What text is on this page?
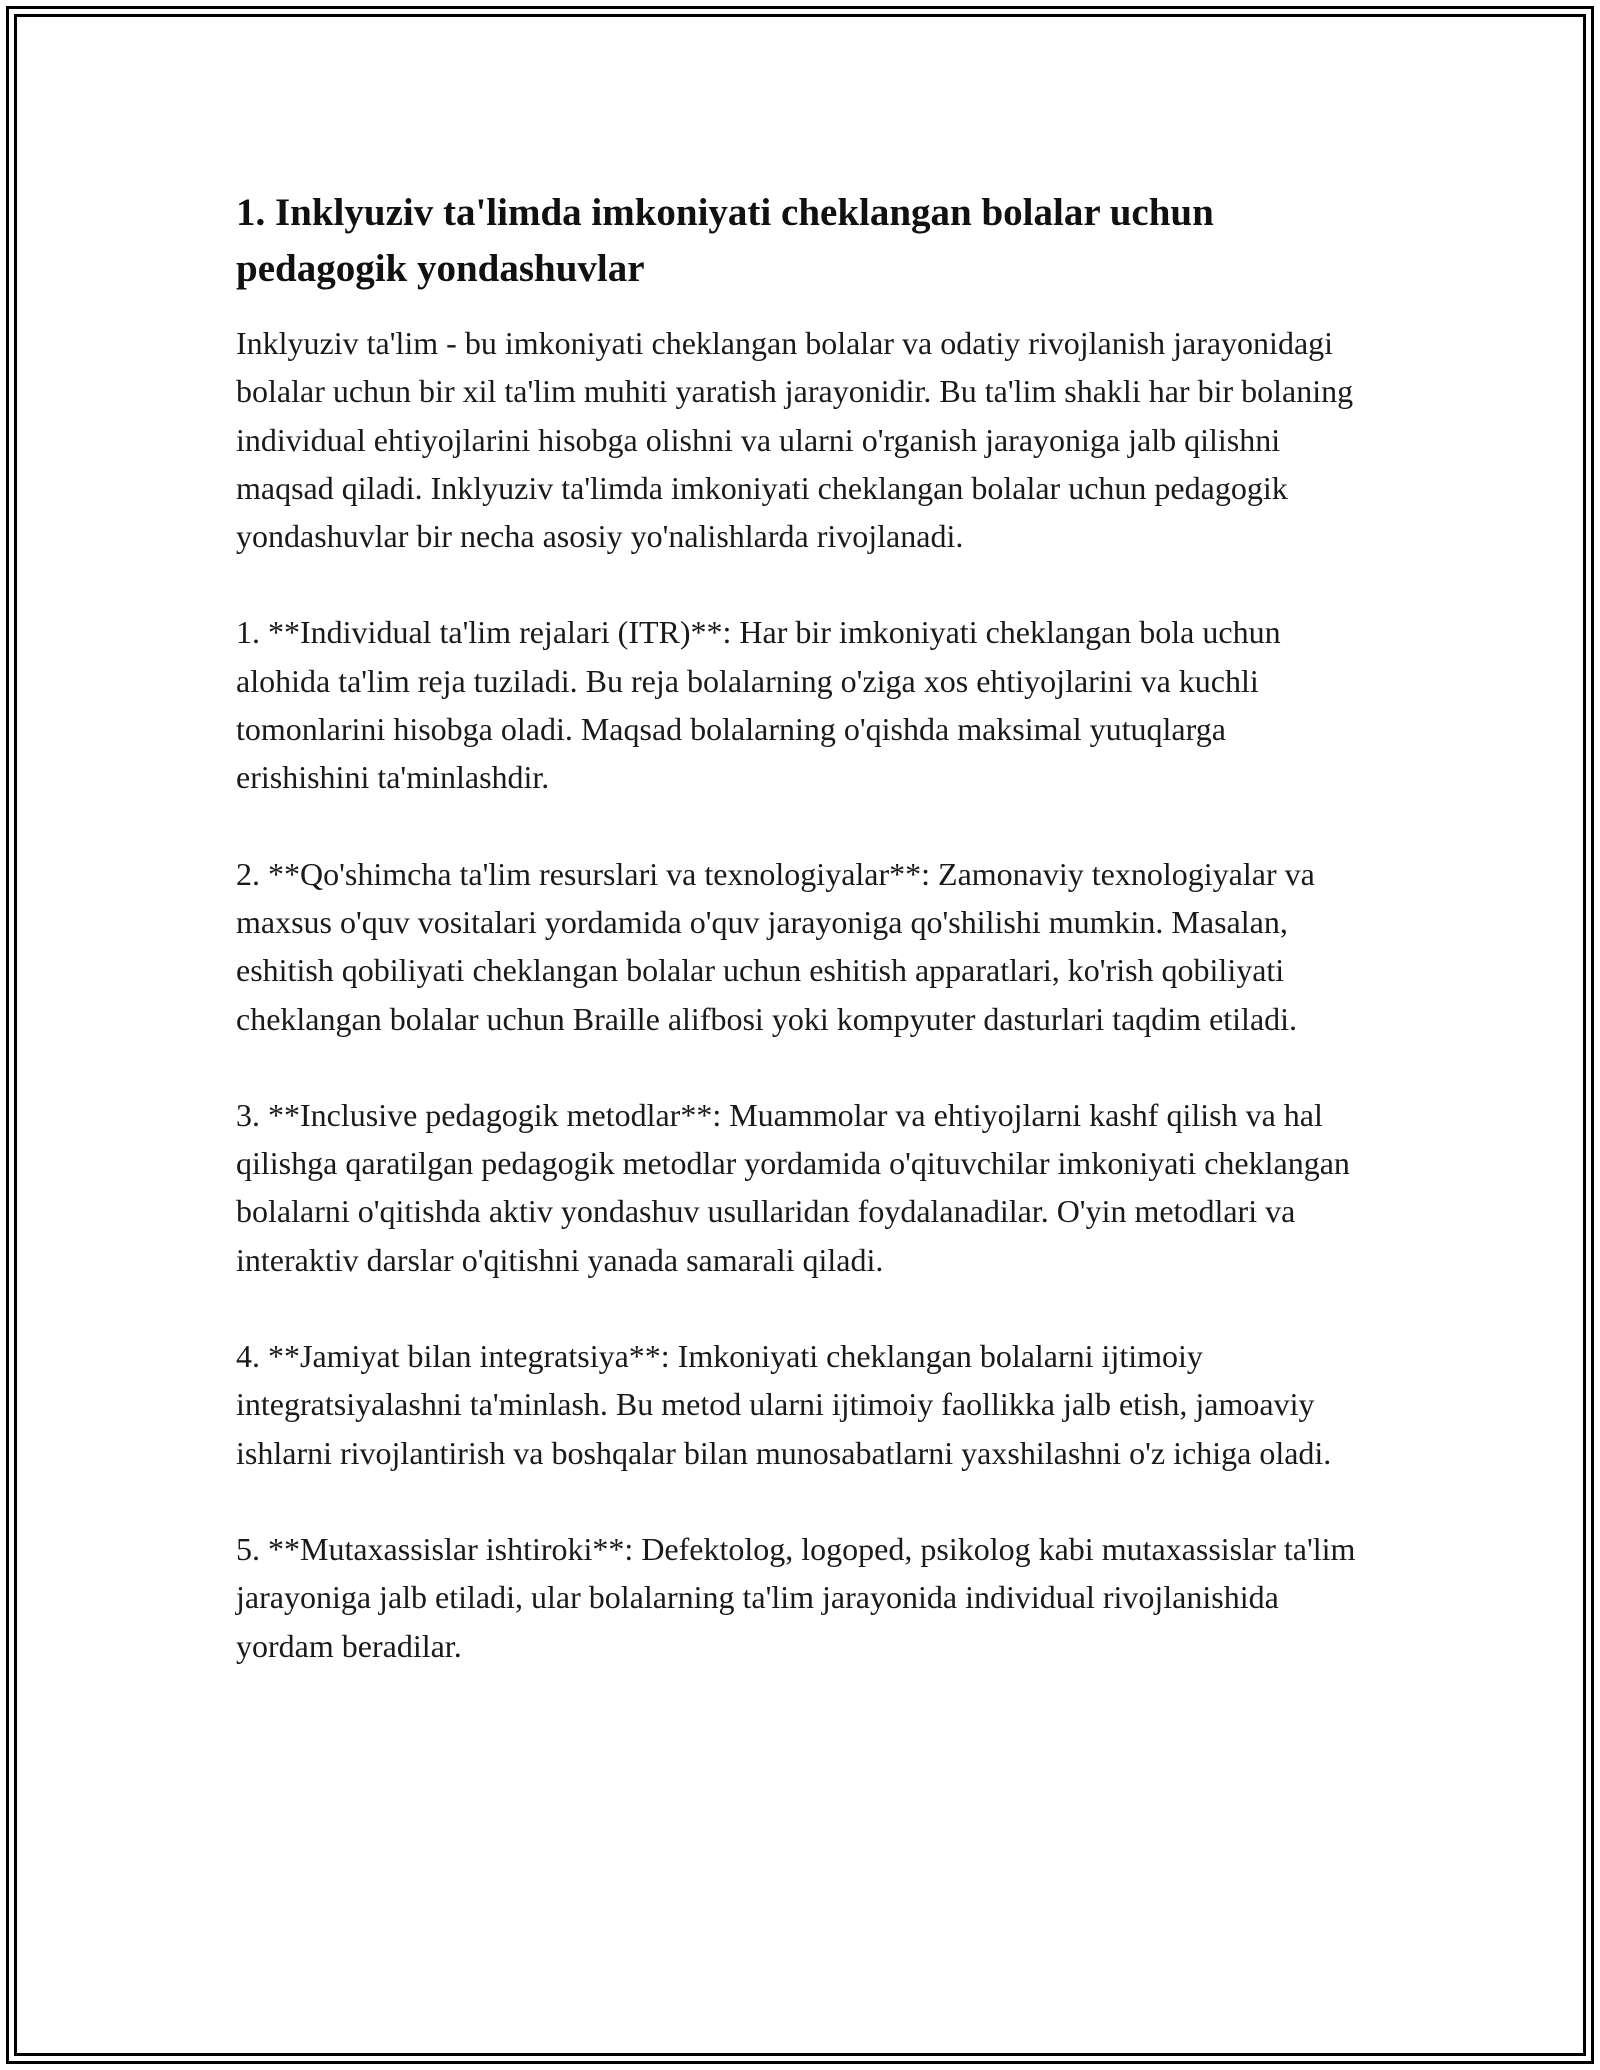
1. Inklyuziv ta'limda imkoniyati cheklangan bolalar uchun pedagogik yondashuvlar

Inklyuziv ta'lim - bu imkoniyati cheklangan bolalar va odatiy rivojlanish jarayonidagi bolalar uchun bir xil ta'lim muhiti yaratish jarayonidir. Bu ta'lim shakli har bir bolaning individual ehtiyojlarini hisobga olishni va ularni o'rganish jarayoniga jalb qilishni maqsad qiladi. Inklyuziv ta'limda imkoniyati cheklangan bolalar uchun pedagogik yondashuvlar bir necha asosiy yo'nalishlarda rivojlanadi.

1. **Individual ta'lim rejalari (ITR)**: Har bir imkoniyati cheklangan bola uchun alohida ta'lim reja tuziladi. Bu reja bolalarning o'ziga xos ehtiyojlarini va kuchli tomonlarini hisobga oladi. Maqsad bolalarning o'qishda maksimal yutuqlarga erishishini ta'minlashdir.

2. **Qo'shimcha ta'lim resurslari va texnologiyalar**: Zamonaviy texnologiyalar va maxsus o'quv vositalari yordamida o'quv jarayoniga qo'shilishi mumkin. Masalan, eshitish qobiliyati cheklangan bolalar uchun eshitish apparatlari, ko'rish qobiliyati cheklangan bolalar uchun Braille alifbosi yoki kompyuter dasturlari taqdim etiladi.

3. **Inclusive pedagogik metodlar**: Muammolar va ehtiyojlarni kashf qilish va hal qilishga qaratilgan pedagogik metodlar yordamida o'qituvchilar imkoniyati cheklangan bolalarni o'qitishda aktiv yondashuv usullaridan foydalanadilar. O'yin metodlari va interaktiv darslar o'qitishni yanada samarali qiladi.

4. **Jamiyat bilan integratsiya**: Imkoniyati cheklangan bolalarni ijtimoiy integratsiyalashni ta'minlash. Bu metod ularni ijtimoiy faollikka jalb etish, jamoaviy ishlarni rivojlantirish va boshqalar bilan munosabatlarni yaxshilashni o'z ichiga oladi.

5. **Mutaxassislar ishtiroki**: Defektolog, logoped, psikolog kabi mutaxassislar ta'lim jarayoniga jalb etiladi, ular bolalarning ta'lim jarayonida individual rivojlanishida yordam beradilar.
